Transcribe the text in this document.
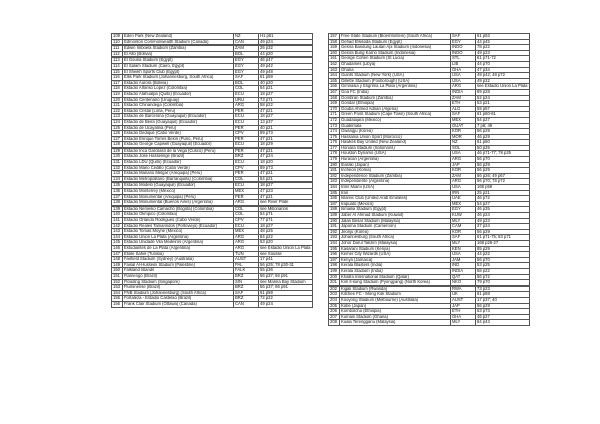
109	Eden Park (New Zealand)	NZ	H1 p51
110	Edmonton Commonwealth Stadium (Canada)	CAN	49 p24

111	Edwin Imboela Stadium (Zambia)	ZAM	26 p32
112	El Alto (Bolivia)	BOL	44 p20

113	El Gouna Stadium (Egypt)	EGY	46 p47
114	El Salam Stadium (Cairo, Egypt)	EGY	49 p42
115	El Sheikh Sports Club (Egypt)	EGY	49 p48
116	Ellis Park Stadium (Johannesburg, South Africa)	SAF	61 p59
117	Estadio Aurora (Bolivia)	BOL	40 p20
118	Estadio Alfonso Lopez (Colombia)	COL	54 p21
119	Estadio Atahualpa (Quito) (Ecuador)	ECU	18 p27
120	Estadio Centenario (Uruguay)	URU	73 p71
121	Estadio Chinandega (Colombia)	ARG	58 p22
122	Estadio Cristal (Lima, Peru)	PER	47 p21
123	Estadio de Barcelona (Guayaquil) (Ecuador)	ECU	18 p27
124	Estadio de Beira (Guayaquil) (Ecuador)	ECU	13 p37
125	Estadio de Ucayalina (Peru)	PER	40 p21
126	Estadio Dedique (Cabo Verde)	CPV	89 p73
127	Estadio Enrique Torres Belon (Puno, Peru)	PER	47 p21
128	Estadio George Capwell (Guayaquil) (Ecuador)	ECU	18 p29

129	Estadio Inca Garcilaso de la Vega (Cusco) (Peru)	PER	47 p21
130	Estadio Jose Hasselinge (Brazil)	BRZ	47 p24
131	Estadio LDU (Quito) (Ecuador)	ECU	18 p20
132	Estadio Mario Cedillo (Cabo Verde)	CPV	89 p73
133	Estadio Mariano Melgar (Arequipa) (Peru)	PER	47 p21
134	Estadio Metropolitano (Barranquilla) (Colombia)	COL	54 p21

135	Estadio Modelo (Guayaquil) (Ecuador)	ECU	18 p27
136	Estadio Monterrey (Mexico)	MEX	47 p23
137	Estadio Monumental (Arequipa) (Peru)	PER	47 p21
138	Estadio Monumental (Buenos Aires) (Argentina)	ARG	see River Plate

139	Estadio Nemesio Camacho (Bogota) (Colombia)	COL	see Millonarios
140	Estadio Olimpico (Colombia)	COL	54 p71
141	Estadio Orlando Rodrigues (Cabo Verde)	CPV	77 p71
142	Estadio Reales Tamarindos (Portoviejo) (Ecuador)	ECU	18 p27
143	Estadio Tomas Moyne (Mexico)	MEX	48 p25
144	Estadio Union La Plata (Argentina)	ARG	84 p22
145	Estadio Unidade Vila Medeiros (Argentina)	ARG	53 p20
146	Estudiantes de La Plata (Argentina)	ARG	see Estadio Union La Plata
147	Etoile Sahel (Tunisia)	TUN	see Sousse
148	Fairfield Stadium (Sydney) (Australia)	AUST	17 p41
149	Faisal Al-Husseini Stadium (Palestine)	PAL	56 p25; 78 p30-31
150	Falkland Islands	FALK	55 p36
151	Flamengo (Brazil)	BRZ	56 p37; 66 p91
152	Flooding Stadium (Singapore)	SIN	see Marina Bay Stadium
153	Fluminense (Brazil)	BRZ	56 p37; 66 p91
154	FNB Stadium (Johannesburg) (South Africa)	SAF	61 p59
155	Fortaleza - Estadio Castelao (Brazil)	BRZ	72 p22
156	Frank Clair Stadium (Ottawa) (Canada)	CAN	49 p24
157	Free State Stadium (Bloemfontein) (South Africa)	SAF	61 p63
158	Gehad Elsisoda Stadium (Egypt)	EGY	44 p45
159	Gelora Bandung Lautan Api Stadium (Indonesia)	INDO	78 p22
160	Gelora Bung Karno Stadium (Indonesia)	INDO	49 p23
161	George Cohen Stadium (St Lucia)	STL	61 p71-72
162	Ghadames (Libya)	LIB	44 p70
163	Ghana	GHA	47 p34
164	Giants Stadium (New York) (USA)	USA	49 p42; 48 p72
165	Gillette Stadium (Foxborough) (USA)	USA	49 p22
166	Gimnasia y Esgrima La Plata (Argentina)	ARG	see Estadio Union La Plata
167	Goa FC (India)	INDIA	89 p28
168	Gombran Stadium (Zambia)	ZAM	52 p24
169	Gondar (Ethiopia)	ETH	53 p21
170	Gouba Ahmed Adnan (Algeria)	ALG	59 p57
171	Green Point Stadium (Cape Town) (South Africa)	SAF	61 p60-61
172	Guadalajara (Mexico)	MEX	54 p27
173	Guatemala	GUAT	7 p6; 49
174	Gwangju (Korea)	KOR	56 p29
175	Hassania Union Sport (Morocco)	MOR	46 p29
176	Hawkes Bay United (New Zealand)	NZ	61 p60
177	Honiara Stadium (Solomons)	SOL	50 p25
178	Houston Dynamo (USA)	USA	46 p71-77; 78 p25
179	Huracan (Argentina)	ARG	56 p70
180	Ibaraki (Japan)	JAP	56 p29
181	Incheon (Korea)	KOR	56 p29
182	Independence Stadium (Zambia)	ZAM	56 p26; 49 p67
183	Independiente (Argentina)	ARG	56 p70; 78 p72
184	Inter Miami (USA)	USA	168 p59
185	Iran	IRN	25 p21
186	Islamic Club (United Arab Emirates)	UAE	46 p72
187	Irapuato (Mexico)	MEX	54 p27
188	Ismailia Stadium (Egypt)	EGY	46 p35
189	Jaber Al Ahmad Stadium (Kuwait)	KUW	46 p24
190	Jalan Besar Stadium (Malaysia)	MLY	49 p23
191	Japoma Stadium (Cameroon)	CAM	37 p24
192	Jeonju (Korea)	KOR	56 p29
193	Johannesburg (South Africa)	SAF	61 p71-75; 83 p71
194	Johor Darul Takzim (Malaysia)	MLY	168 p26-27
195	Kasarani Stadium (Kenya)	KEN	85 p29
196	Kemer City Wizards (USA)	USA	44 p22
197	Kenya (Jamaica)	JAM	56 p70
198	Kerala Blasters (India)	IND	53 p25
199	Kerala Stadium (India)	INDIA	58 p22
200	Khalifa International Stadium (Qatar)	QAT	56 p72
201	Kim Il-sung Stadium (Pyongyang) (North Korea)	NKO	79 p70

202	Kigali Stadium (Rwanda)	RWA	73 p23
203	Kitchee FC - Mong Kok Stadium	UK	61 p68
204	Kooyong Stadium (Melbourne) (Australia)	AUST	17 p37; 40
205	Kobe (Japan)	JAP	56 p29
206	Kombolcha (Ethiopia)	ETH	53 p73
207	Kumasi Stadium (Ghana)	GHA	46 p27
208	Kuala Terengganu (Malaysia)	MLY	84 p43
